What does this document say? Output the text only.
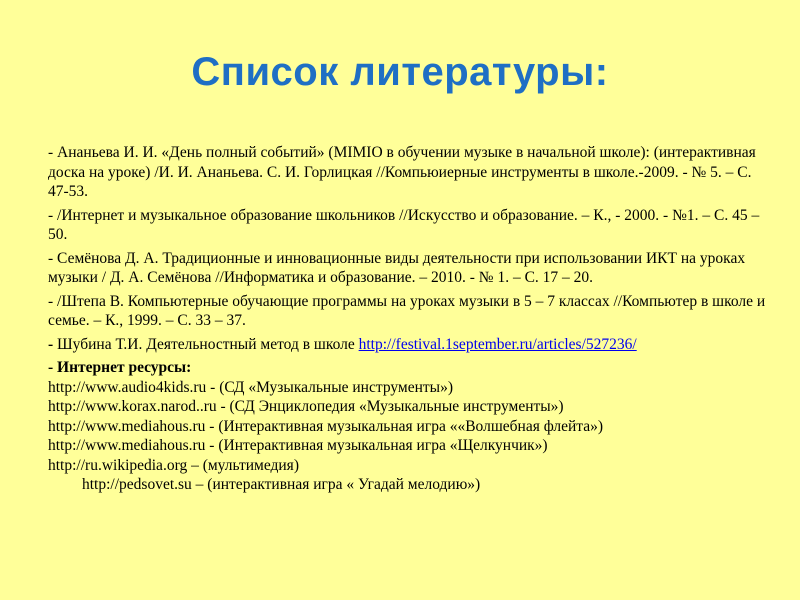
Список литературы:

- Ананьева И. И. «День полный событий» (MIMIO в обучении музыке в начальной школе): (интерактивная доска на уроке) /И. И. Ананьева. С. И. Горлицкая //Компьюиерные инструменты в школе.-2009. - № 5. – С. 47-53.

- /Интернет и музыкальное образование школьников //Искусство и образование. – К., - 2000. - №1. – С. 45 – 50.

- Семёнова Д. А. Традиционные и инновационные виды деятельности при использовании ИКТ на уроках музыки / Д. А. Семёнова //Информатика и образование. – 2010. - № 1. – С. 17 – 20.

- /Штепа В. Компьютерные обучающие программы на уроках музыки в 5 – 7 классах //Компьютер в школе и семье. – К., 1999. – С. 33 – 37.

- Шубина Т.И. Деятельностный метод в школе http://festival.1september.ru/articles/527236/

- Интернет ресурсы:

http://www.audio4kids.ru - (СД «Музыкальные инструменты»)

http://www.korax.narod..ru - (СД Энциклопедия «Музыкальные инструменты»)

http://www.mediahous.ru - (Интерактивная музыкальная игра ««Волшебная флейта»)

http://www.mediahous.ru - (Интерактивная музыкальная игра «Щелкунчик»)

http://ru.wikipedia.org – (мультимедия)

http://pedsovet.su – (интерактивная игра « Угадай мелодию»)
